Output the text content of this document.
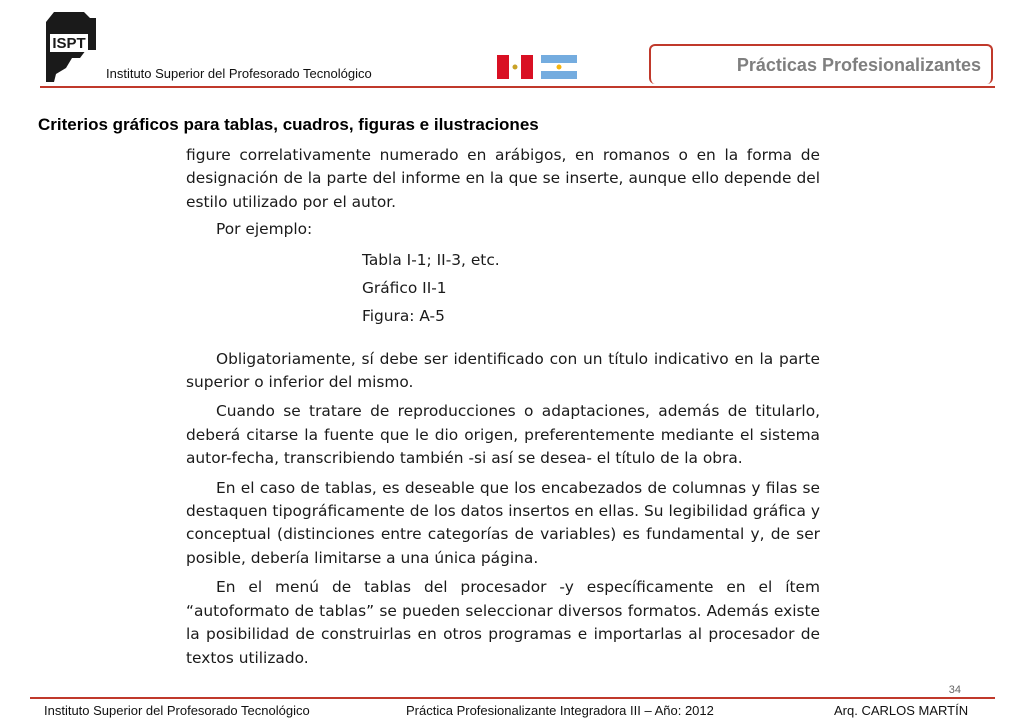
ISPT
Instituto Superior del Profesorado Tecnológico	Prácticas Profesionalizantes
Criterios gráficos para tablas, cuadros, figuras e ilustraciones

figure correlativamente numerado en arábigos, en romanos o en la forma de designación de la parte del informe en la que se inserte, aunque ello depende del estilo utilizado por el autor.

Por ejemplo:

Tabla I-1; II-3, etc.
Gráfico II-1
Figura: A-5

Obligatoriamente, sí debe ser identificado con un título indicativo en la parte superior o inferior del mismo.

Cuando se tratare de reproducciones o adaptaciones, además de titularlo, deberá citarse la fuente que le dio origen, preferentemente mediante el sistema autor-fecha, transcribiendo también -si así se desea- el título de la obra.

En el caso de tablas, es deseable que los encabezados de columnas y filas se destaquen tipográficamente de los datos insertos en ellas. Su legibilidad gráfica y conceptual (distinciones entre categorías de variables) es fundamental y, de ser posible, debería limitarse a una única página.

En el menú de tablas del procesador -y específicamente en el ítem “autoformato de tablas” se pueden seleccionar diversos formatos. Además existe la posibilidad de construirlas en otros programas e importarlas al procesador de textos utilizado.

34
Instituto Superior del Profesorado Tecnológico	Práctica Profesionalizante Integradora III – Año: 2012	Arq. CARLOS MARTÍN
